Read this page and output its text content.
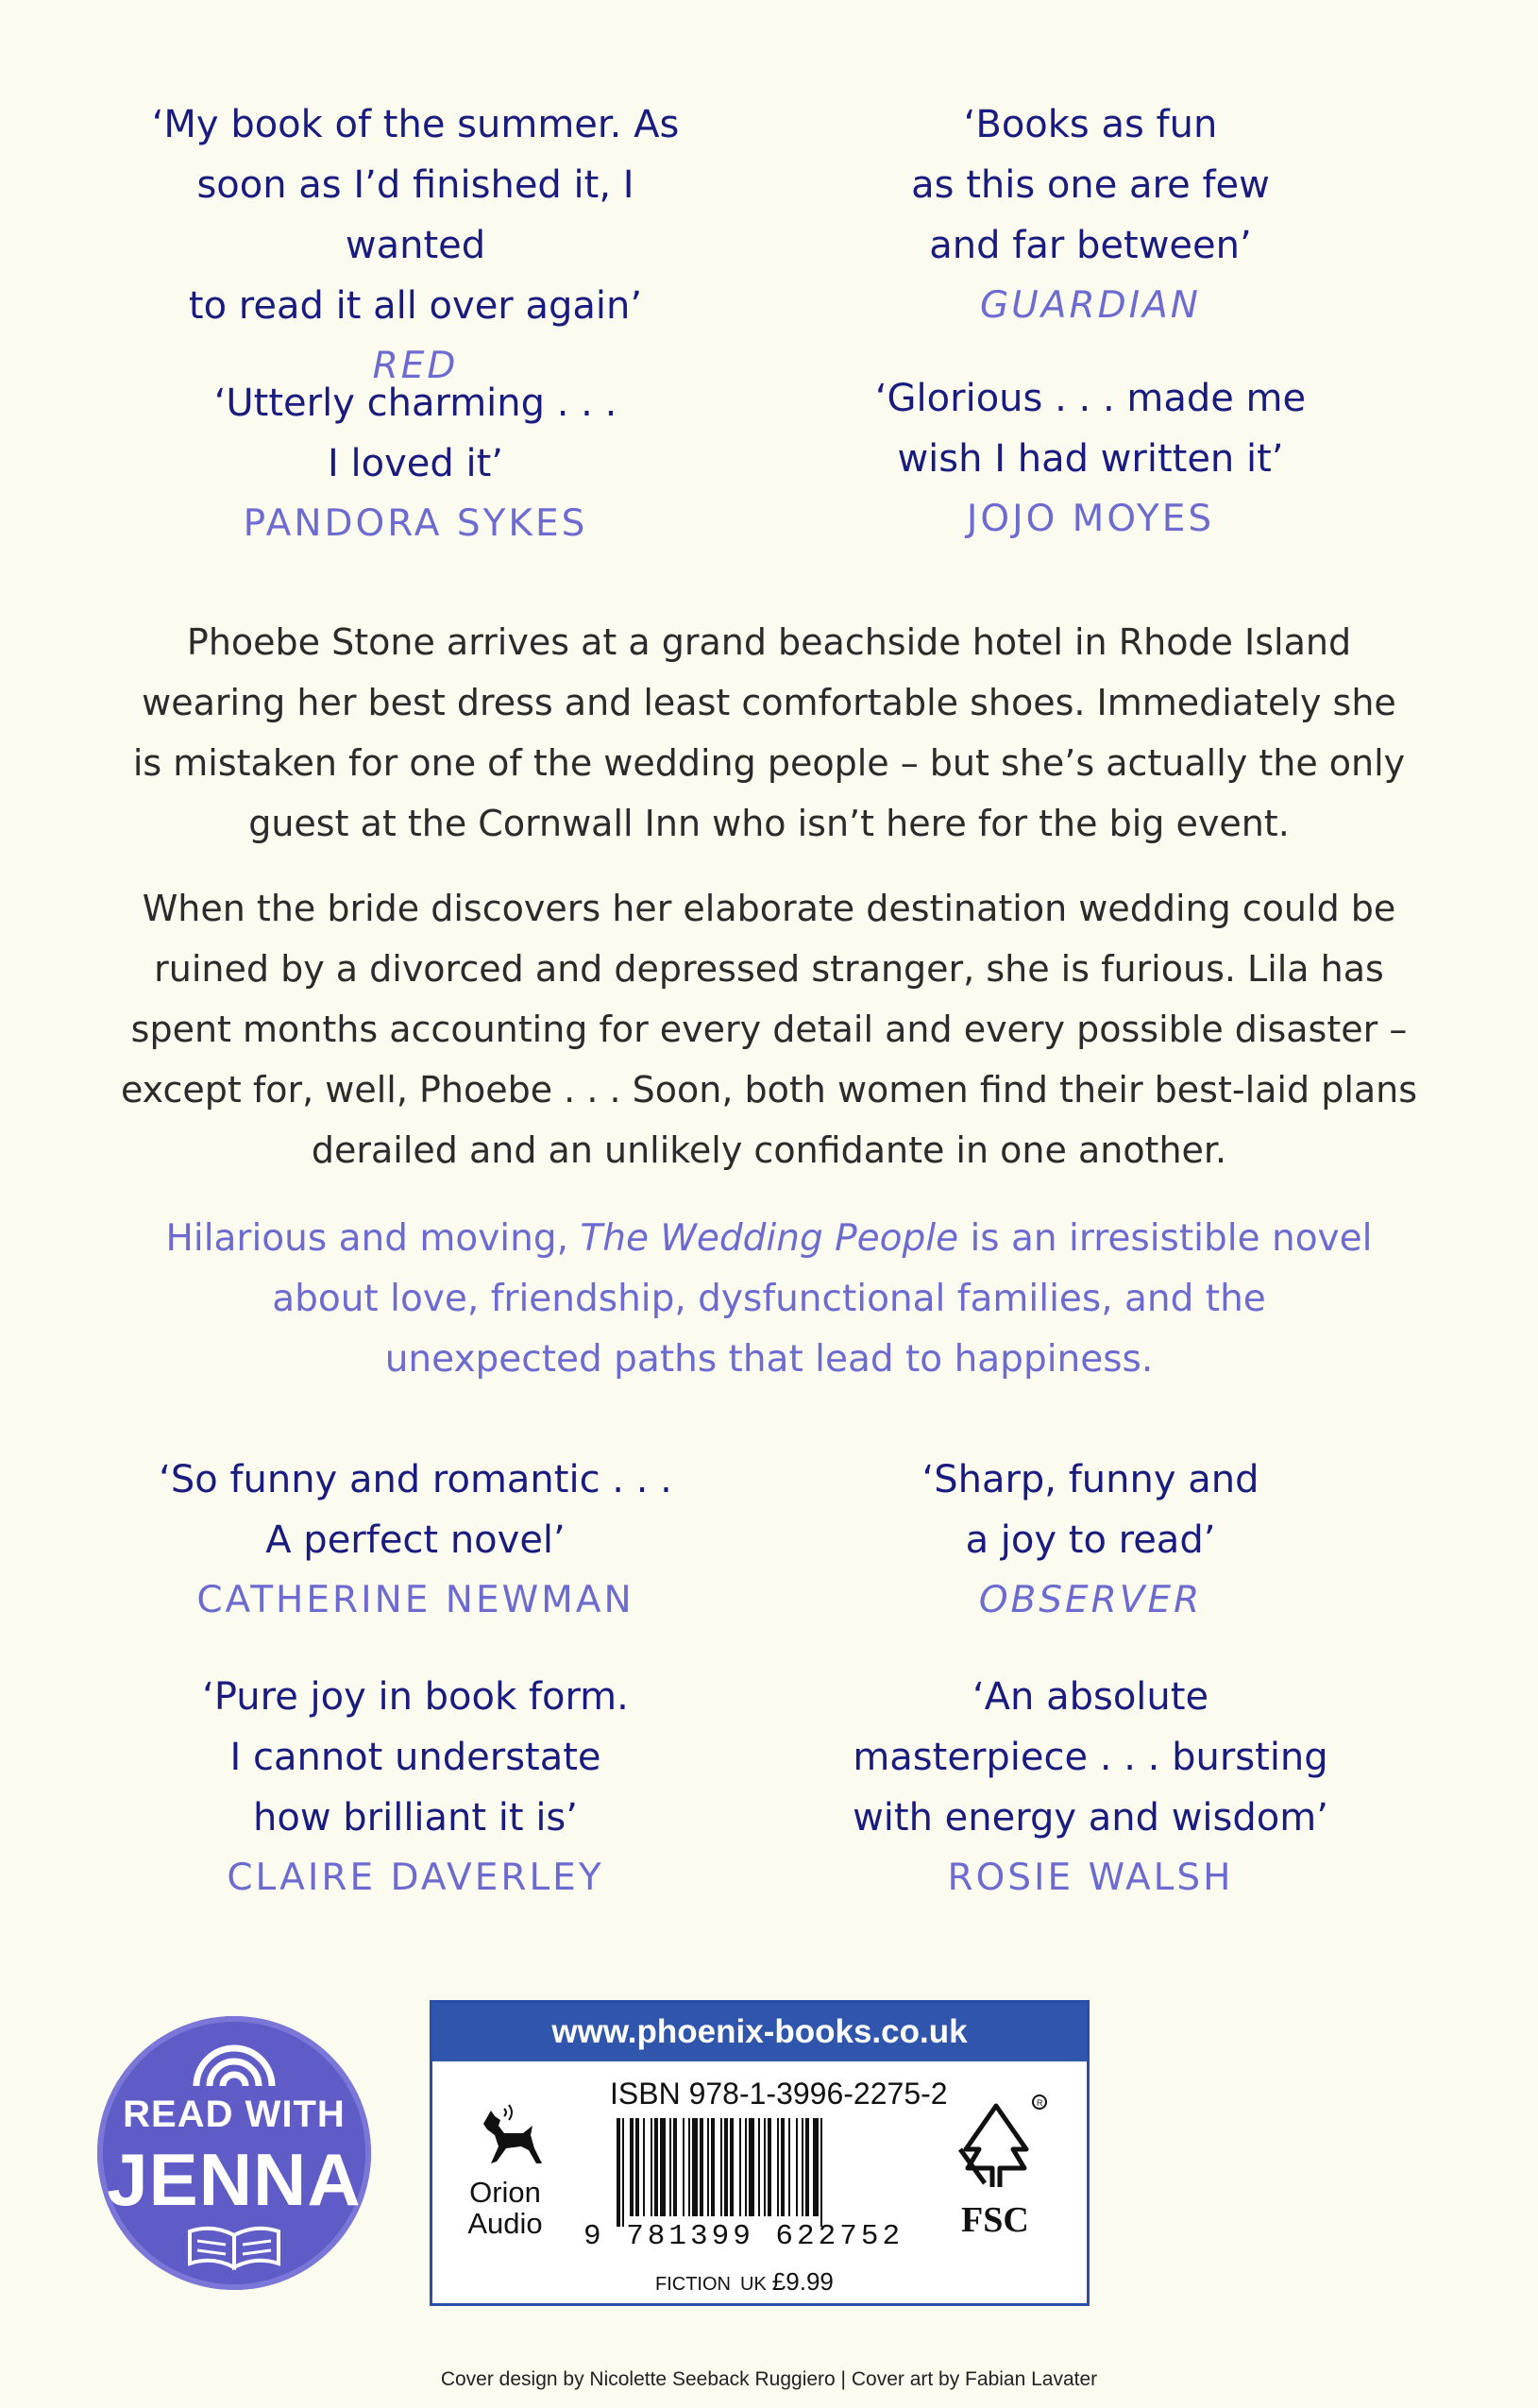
‘My book of the summer. As
soon as I’d finished it, I wanted
to read it all over again’
RED
‘Books as fun
as this one are few
and far between’
GUARDIAN
‘Utterly charming . . .
I loved it’
PANDORA SYKES
‘Glorious . . . made me
wish I had written it’
JOJO MOYES
Phoebe Stone arrives at a grand beachside hotel in Rhode Island
wearing her best dress and least comfortable shoes. Immediately she
is mistaken for one of the wedding people – but she’s actually the only
guest at the Cornwall Inn who isn’t here for the big event.
When the bride discovers her elaborate destination wedding could be
ruined by a divorced and depressed stranger, she is furious. Lila has
spent months accounting for every detail and every possible disaster –
except for, well, Phoebe . . . Soon, both women find their best-laid plans
derailed and an unlikely confidante in one another.
Hilarious and moving, The Wedding People is an irresistible novel
about love, friendship, dysfunctional families, and the
unexpected paths that lead to happiness.
‘So funny and romantic . . .
A perfect novel’
CATHERINE NEWMAN
‘Sharp, funny and
a joy to read’
OBSERVER
‘Pure joy in book form.
I cannot understate
how brilliant it is’
CLAIRE DAVERLEY
‘An absolute
masterpiece . . . bursting
with energy and wisdom’
ROSIE WALSH
READ WITH
JENNA
www.phoenix-books.co.uk
Orion
Audio
ISBN 978-1-3996-2275-2
9 781399 622752
FICTION UK £9.99
R
FSC
Cover design by Nicolette Seeback Ruggiero | Cover art by Fabian Lavater
